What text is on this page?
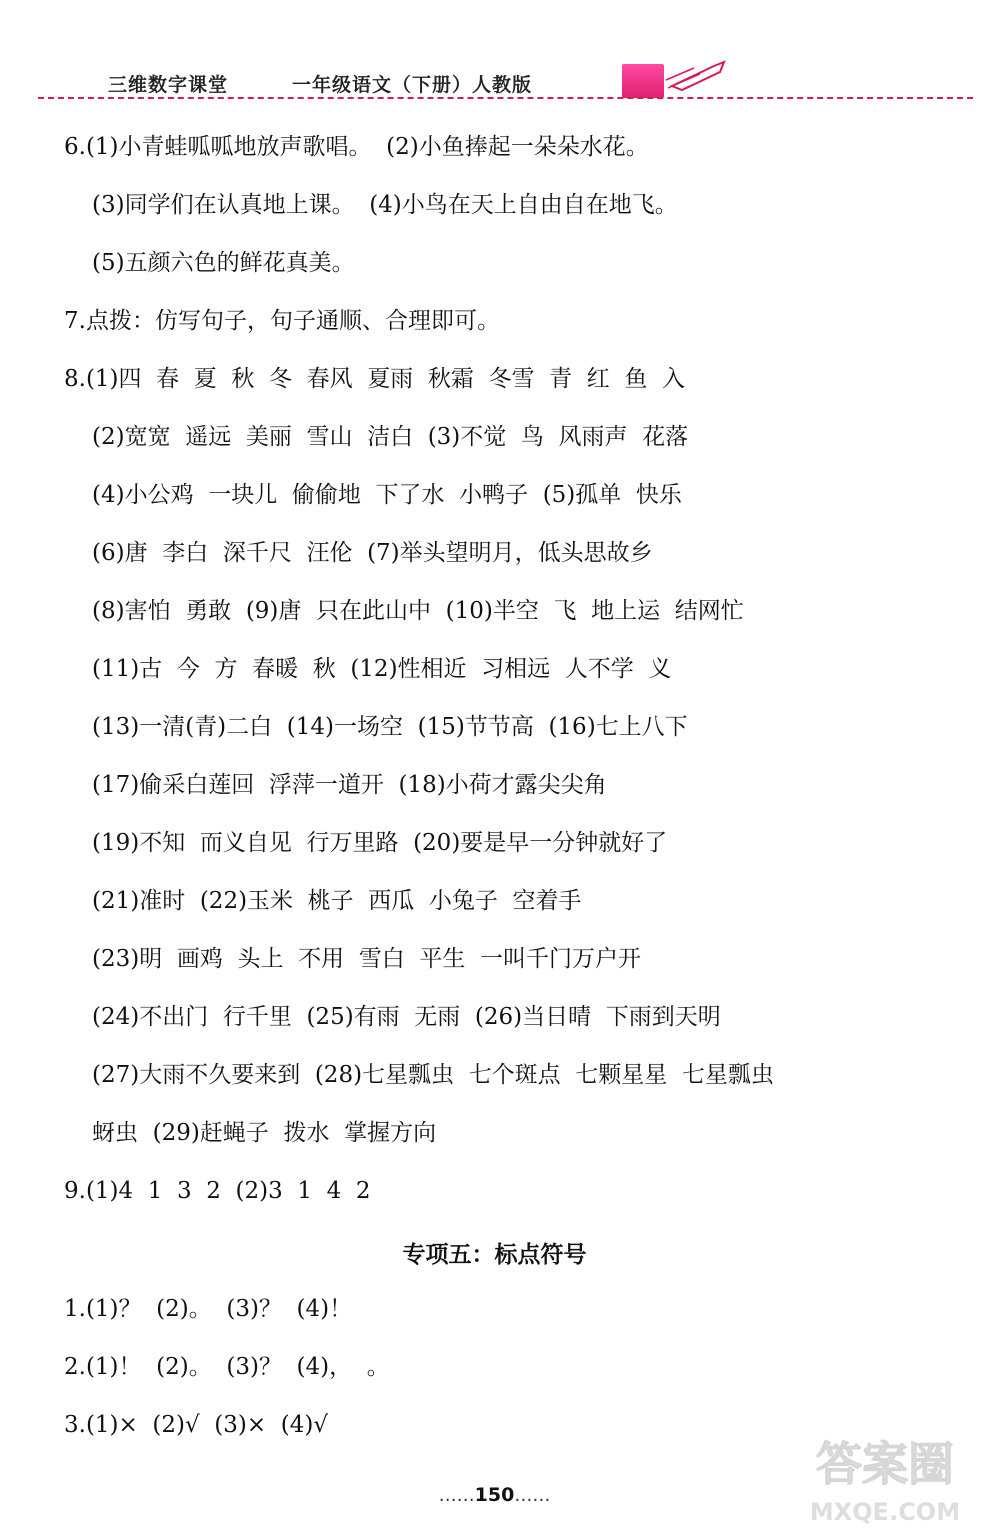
三维数字课堂	一年级语文（下册）人教版
6.(1)小青蛙呱呱地放声歌唱。  (2)小鱼捧起一朵朵水花。
(3)同学们在认真地上课。  (4)小鸟在天上自由自在地飞。
(5)五颜六色的鲜花真美。
7.点拨：仿写句子，句子通顺、合理即可。
8.(1)四  春  夏  秋  冬  春风  夏雨  秋霜  冬雪  青  红  鱼  入
(2)宽宽  遥远  美丽  雪山  洁白  (3)不觉  鸟  风雨声  花落
(4)小公鸡  一块儿  偷偷地  下了水  小鸭子  (5)孤单  快乐
(6)唐  李白  深千尺  汪伦  (7)举头望明月，低头思故乡
(8)害怕  勇敢  (9)唐  只在此山中  (10)半空  飞  地上运  结网忙
(11)古  今  方  春暖  秋  (12)性相近  习相远  人不学  义
(13)一清(青)二白  (14)一场空  (15)节节高  (16)七上八下
(17)偷采白莲回  浮萍一道开  (18)小荷才露尖尖角
(19)不知  而义自见  行万里路  (20)要是早一分钟就好了
(21)准时  (22)玉米  桃子  西瓜  小兔子  空着手
(23)明  画鸡  头上  不用  雪白  平生  一叫千门万户开
(24)不出门  行千里  (25)有雨  无雨  (26)当日晴  下雨到天明
(27)大雨不久要来到  (28)七星瓢虫  七个斑点  七颗星星  七星瓢虫
蚜虫  (29)赶蝇子  拨水  掌握方向
9.(1)4  1  3  2  (2)3  1  4  2
专项五：标点符号
1.(1)？  (2)。  (3)？  (4)！
2.(1)！  (2)。  (3)？  (4)，  。
3.(1)×  (2)√  (3)×  (4)√
……150……
答案圈
MXQE.COM
